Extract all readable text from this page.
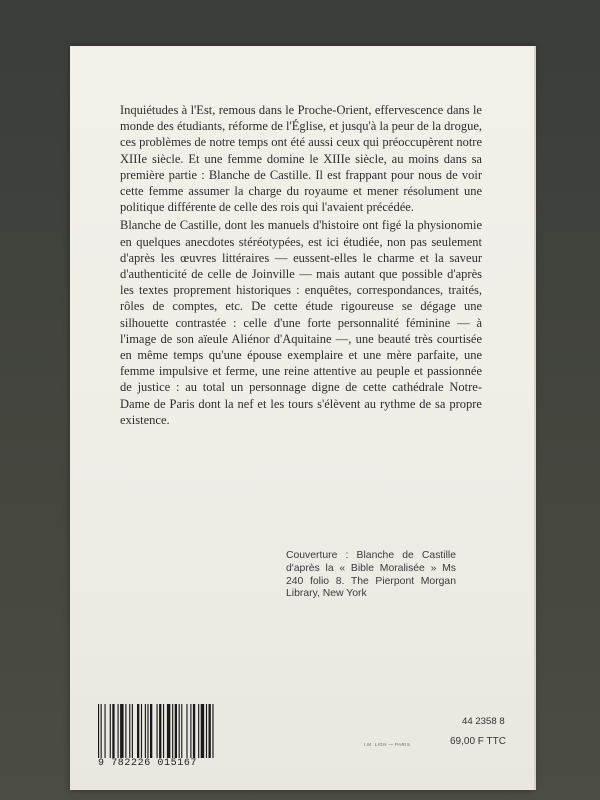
Inquiétudes à l'Est, remous dans le Proche-Orient, effervescence dans le monde des étudiants, réforme de l'Église, et jusqu'à la peur de la drogue, ces problèmes de notre temps ont été aussi ceux qui préoccupèrent notre XIIIe siècle. Et une femme domine le XIIIe siècle, au moins dans sa première partie : Blanche de Castille. Il est frappant pour nous de voir cette femme assumer la charge du royaume et mener résolument une politique différente de celle des rois qui l'avaient précédée.

Blanche de Castille, dont les manuels d'histoire ont figé la physionomie en quelques anecdotes stéréotypées, est ici étudiée, non pas seulement d'après les œuvres littéraires — eussent-elles le charme et la saveur d'authenticité de celle de Joinville — mais autant que possible d'après les textes proprement historiques : enquêtes, correspondances, traités, rôles de comptes, etc. De cette étude rigoureuse se dégage une silhouette contrastée : celle d'une forte personnalité féminine — à l'image de son aïeule Aliénor d'Aquitaine —, une beauté très courtisée en même temps qu'une épouse exemplaire et une mère parfaite, une femme impulsive et ferme, une reine attentive au peuple et passionnée de justice : au total un personnage digne de cette cathédrale Notre-Dame de Paris dont la nef et les tours s'élèvent au rythme de sa propre existence.

Couverture : Blanche de Castille d'après la « Bible Moralisée » Ms 240 folio 8. The Pierpont Morgan Library, New York
9 782226 015167
I.M. LIGN — PARIS
44 2358 8
69,00 F TTC
